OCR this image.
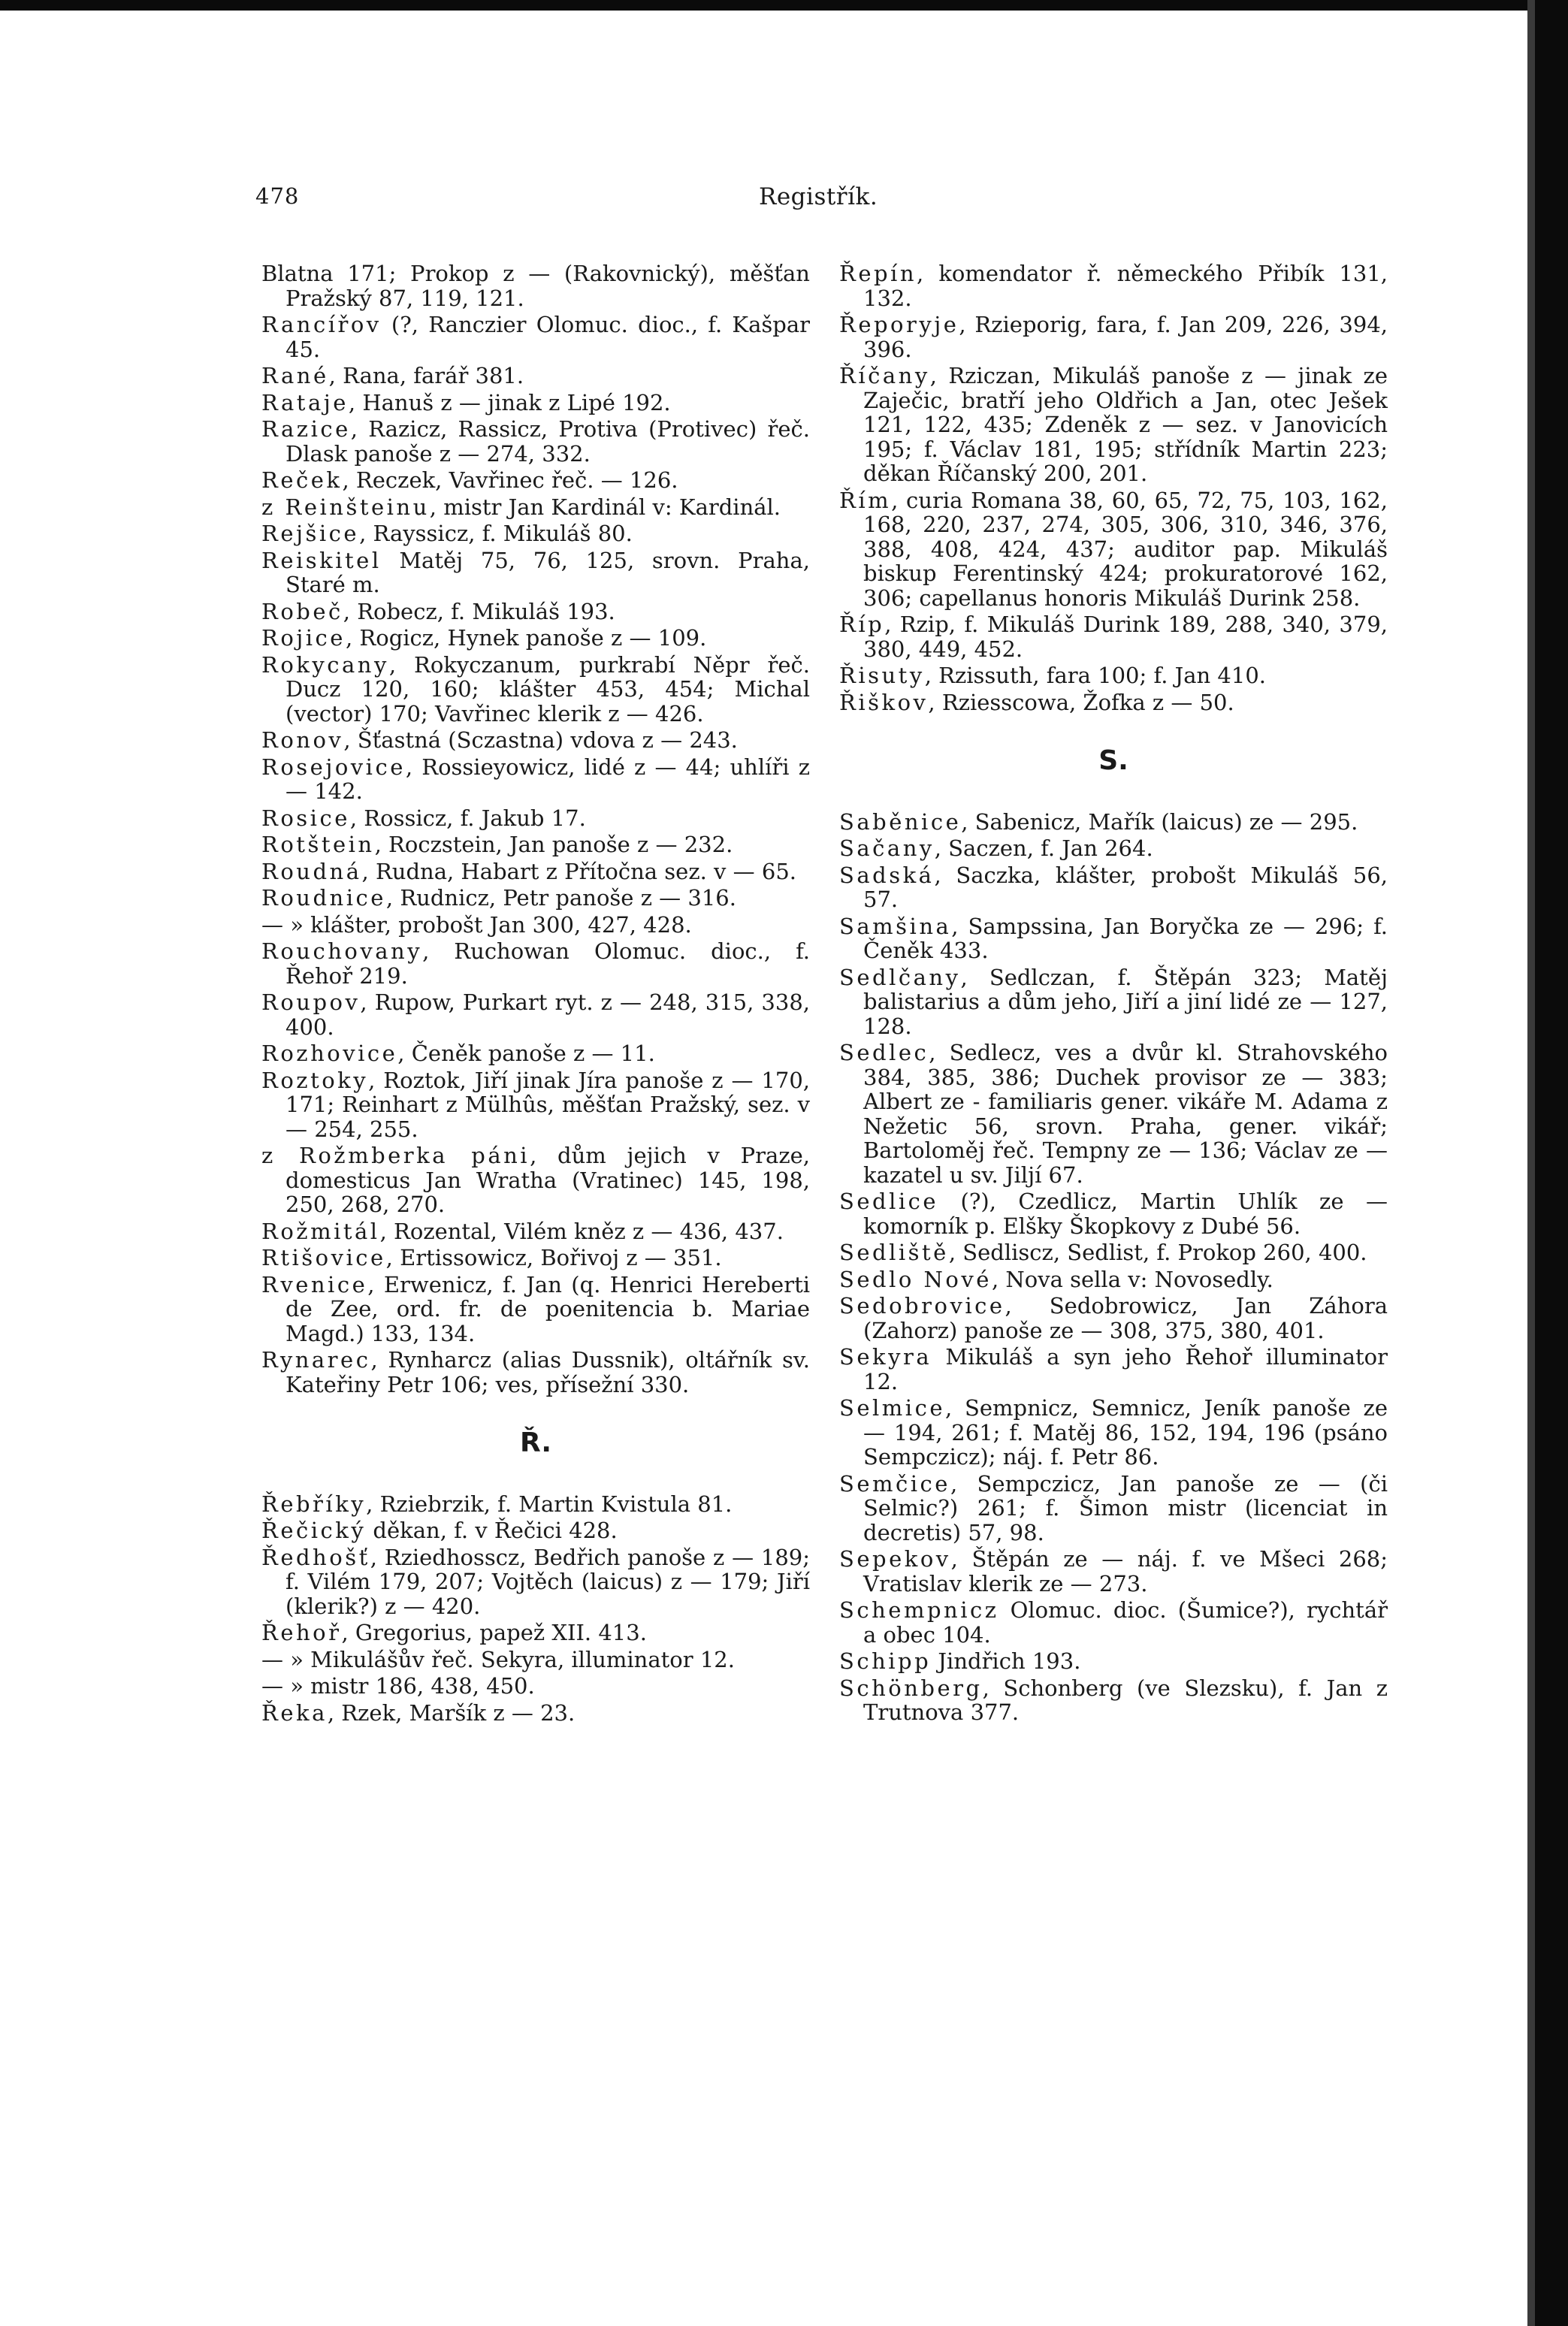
478	Registřík.

Blatna 171; Prokop z — (Rakovnický), měšťan Pražský 87, 119, 121.

Rancířov (?, Ranczier Olomuc. dioc., f. Kašpar 45.

Rané, Rana, farář 381.

Rataje, Hanuš z — jinak z Lipé 192.

Razice, Razicz, Rassicz, Protiva (Protivec) řeč. Dlask panoše z — 274, 332.

Reček, Reczek, Vavřinec řeč. — 126.

z Reinšteinu, mistr Jan Kardinál v: Kardinál.

Rejšice, Rayssicz, f. Mikuláš 80.

Reiskitel Matěj 75, 76, 125, srovn. Praha, Staré m.

Robeč, Robecz, f. Mikuláš 193.

Rojice, Rogicz, Hynek panoše z — 109.

Rokycany, Rokyczanum, purkrabí Něpr řeč. Ducz 120, 160; klášter 453, 454; Michal (vector) 170; Vavřinec klerik z — 426.

Ronov, Šťastná (Sczastna) vdova z — 243.

Rosejovice, Rossieyowicz, lidé z — 44; uhlíři z — 142.

Rosice, Rossicz, f. Jakub 17.

Rotštein, Roczstein, Jan panoše z — 232.

Roudná, Rudna, Habart z Přítočna sez. v — 65.

Roudnice, Rudnicz, Petr panoše z — 316.

— » klášter, probošt Jan 300, 427, 428.

Rouchovany, Ruchowan Olomuc. dioc., f. Řehoř 219.

Roupov, Rupow, Purkart ryt. z — 248, 315, 338, 400.

Rozhovice, Čeněk panoše z — 11.

Roztoky, Roztok, Jiří jinak Jíra panoše z — 170, 171; Reinhart z Mülhûs, měšťan Pražský, sez. v — 254, 255.

z Rožmberka páni, dům jejich v Praze, domesticus Jan Wratha (Vratinec) 145, 198, 250, 268, 270.

Rožmitál, Rozental, Vilém kněz z — 436, 437.

Rtišovice, Ertissowicz, Bořivoj z — 351.

Rvenice, Erwenicz, f. Jan (q. Henrici Hereberti de Zee, ord. fr. de poenitencia b. Mariae Magd.) 133, 134.

Rynarec, Rynharcz (alias Dussnik), oltářník sv. Kateřiny Petr 106; ves, přísežní 330.

Ř.

Řebříky, Rziebrzik, f. Martin Kvistula 81.

Řečický děkan, f. v Řečici 428.

Ředhošť, Rziedhosscz, Bedřich panoše z — 189; f. Vilém 179, 207; Vojtěch (laicus) z — 179; Jiří (klerik?) z — 420.

Řehoř, Gregorius, papež XII. 413.

— » Mikulášův řeč. Sekyra, illuminator 12.

— » mistr 186, 438, 450.

Řeka, Rzek, Maršík z — 23.

Řepín, komendator ř. německého Přibík 131, 132.

Řeporyje, Rzieporig, fara, f. Jan 209, 226, 394, 396.

Říčany, Rziczan, Mikuláš panoše z — jinak ze Zaječic, bratří jeho Oldřich a Jan, otec Ješek 121, 122, 435; Zdeněk z — sez. v Janovicích 195; f. Václav 181, 195; střídník Martin 223; děkan Říčanský 200, 201.

Řím, curia Romana 38, 60, 65, 72, 75, 103, 162, 168, 220, 237, 274, 305, 306, 310, 346, 376, 388, 408, 424, 437; auditor pap. Mikuláš biskup Ferentinský 424; prokuratorové 162, 306; capellanus honoris Mikuláš Durink 258.

Říp, Rzip, f. Mikuláš Durink 189, 288, 340, 379, 380, 449, 452.

Řisuty, Rzissuth, fara 100; f. Jan 410.

Řiškov, Rziesscowa, Žofka z — 50.

S.

Saběnice, Sabenicz, Mařík (laicus) ze — 295.

Sačany, Saczen, f. Jan 264.

Sadská, Saczka, klášter, probošt Mikuláš 56, 57.

Samšina, Sampssina, Jan Boryčka ze — 296; f. Čeněk 433.

Sedlčany, Sedlczan, f. Štěpán 323; Matěj balistarius a dům jeho, Jiří a jiní lidé ze — 127, 128.

Sedlec, Sedlecz, ves a dvůr kl. Strahovského 384, 385, 386; Duchek provisor ze — 383; Albert ze - familiaris gener. vikáře M. Adama z Nežetic 56, srovn. Praha, gener. vikář; Bartoloměj řeč. Tempny ze — 136; Václav ze — kazatel u sv. Jiljí 67.

Sedlice (?), Czedlicz, Martin Uhlík ze — komorník p. Elšky Škopkovy z Dubé 56.

Sedliště, Sedliscz, Sedlist, f. Prokop 260, 400.

Sedlo Nové, Nova sella v: Novosedly.

Sedobrovice, Sedobrowicz, Jan Záhora (Zahorz) panoše ze — 308, 375, 380, 401.

Sekyra Mikuláš a syn jeho Řehoř illuminator 12.

Selmice, Sempnicz, Semnicz, Jeník panoše ze — 194, 261; f. Matěj 86, 152, 194, 196 (psáno Sempczicz); náj. f. Petr 86.

Semčice, Sempczicz, Jan panoše ze — (či Selmic?) 261; f. Šimon mistr (licenciat in decretis) 57, 98.

Sepekov, Štěpán ze — náj. f. ve Mšeci 268; Vratislav klerik ze — 273.

Schempnicz Olomuc. dioc. (Šumice?), rychtář a obec 104.

Schipp Jindřich 193.

Schönberg, Schonberg (ve Slezsku), f. Jan z Trutnova 377.
